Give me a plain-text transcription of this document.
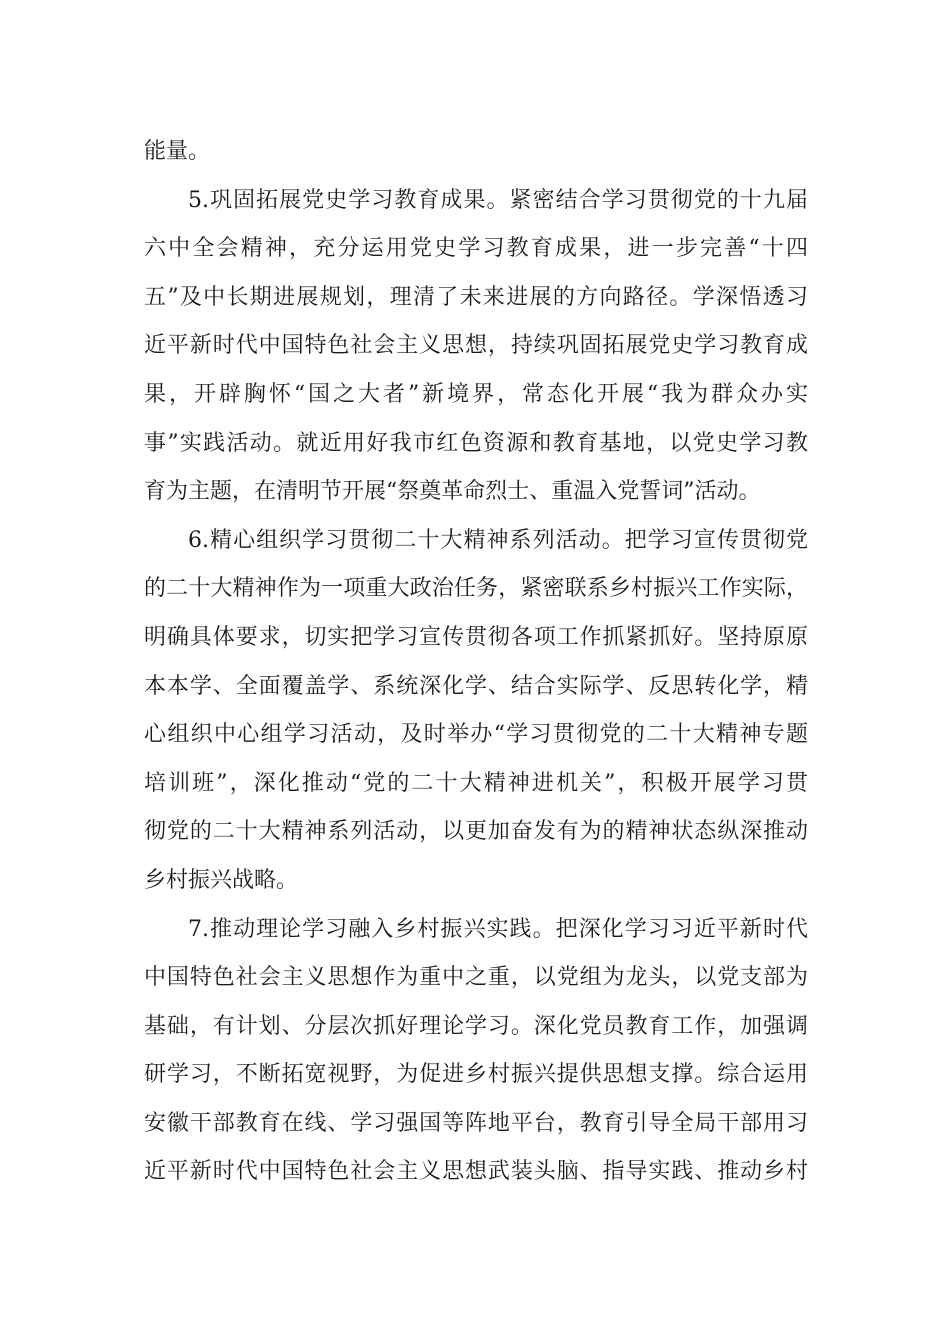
能量。
5.巩固拓展党史学习教育成果。紧密结合学习贯彻党的十九届
六中全会精神，充分运用党史学习教育成果，进一步完善“十四
五”及中长期进展规划，理清了未来进展的方向路径。学深悟透习
近平新时代中国特色社会主义思想，持续巩固拓展党史学习教育成
果，开辟胸怀“国之大者”新境界，常态化开展“我为群众办实
事”实践活动。就近用好我市红色资源和教育基地，以党史学习教
育为主题，在清明节开展“祭奠革命烈士、重温入党誓词”活动。
6.精心组织学习贯彻二十大精神系列活动。把学习宣传贯彻党
的二十大精神作为一项重大政治任务，紧密联系乡村振兴工作实际，
明确具体要求，切实把学习宣传贯彻各项工作抓紧抓好。坚持原原
本本学、全面覆盖学、系统深化学、结合实际学、反思转化学，精
心组织中心组学习活动，及时举办“学习贯彻党的二十大精神专题
培训班”，深化推动“党的二十大精神进机关”，积极开展学习贯
彻党的二十大精神系列活动，以更加奋发有为的精神状态纵深推动
乡村振兴战略。
7.推动理论学习融入乡村振兴实践。把深化学习习近平新时代
中国特色社会主义思想作为重中之重，以党组为龙头，以党支部为
基础，有计划、分层次抓好理论学习。深化党员教育工作，加强调
研学习，不断拓宽视野，为促进乡村振兴提供思想支撑。综合运用
安徽干部教育在线、学习强国等阵地平台，教育引导全局干部用习
近平新时代中国特色社会主义思想武装头脑、指导实践、推动乡村
